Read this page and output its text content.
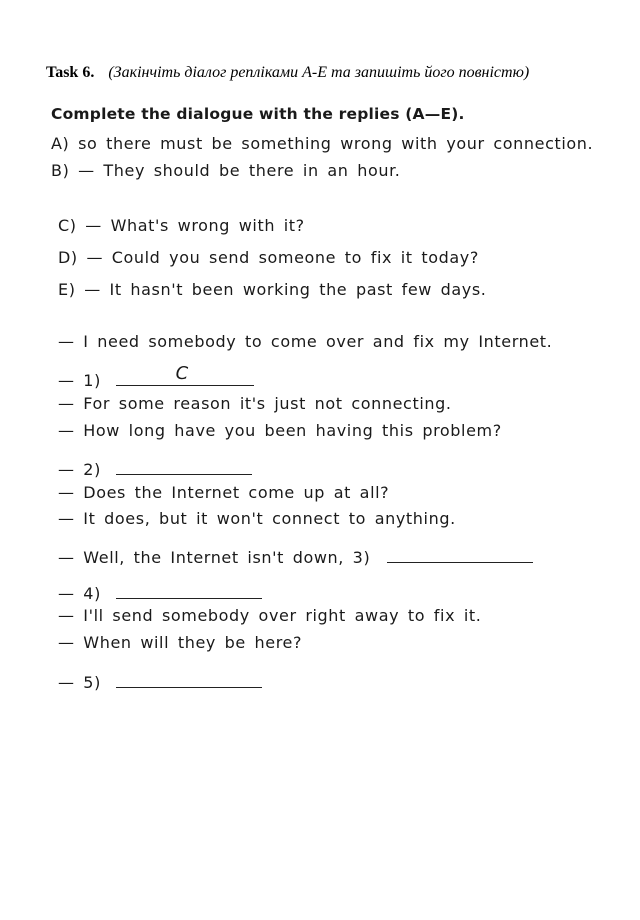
Task 6. (Закінчіть діалог репліками A-E та запишіть його повністю)
Complete the dialogue with the replies (A—E).
A) so there must be something wrong with your connection.
B) — They should be there in an hour.
C) — What's wrong with it?
D) — Could you send someone to fix it today?
E) — It hasn't been working the past few days.
— I need somebody to come over and fix my Internet.
— 1)	C
— For some reason it's just not connecting.
— How long have you been having this problem?
— 2)
— Does the Internet come up at all?
— It does, but it won't connect to anything.
— Well, the Internet isn't down, 3)
— 4)
— I'll send somebody over right away to fix it.
— When will they be here?
— 5)
